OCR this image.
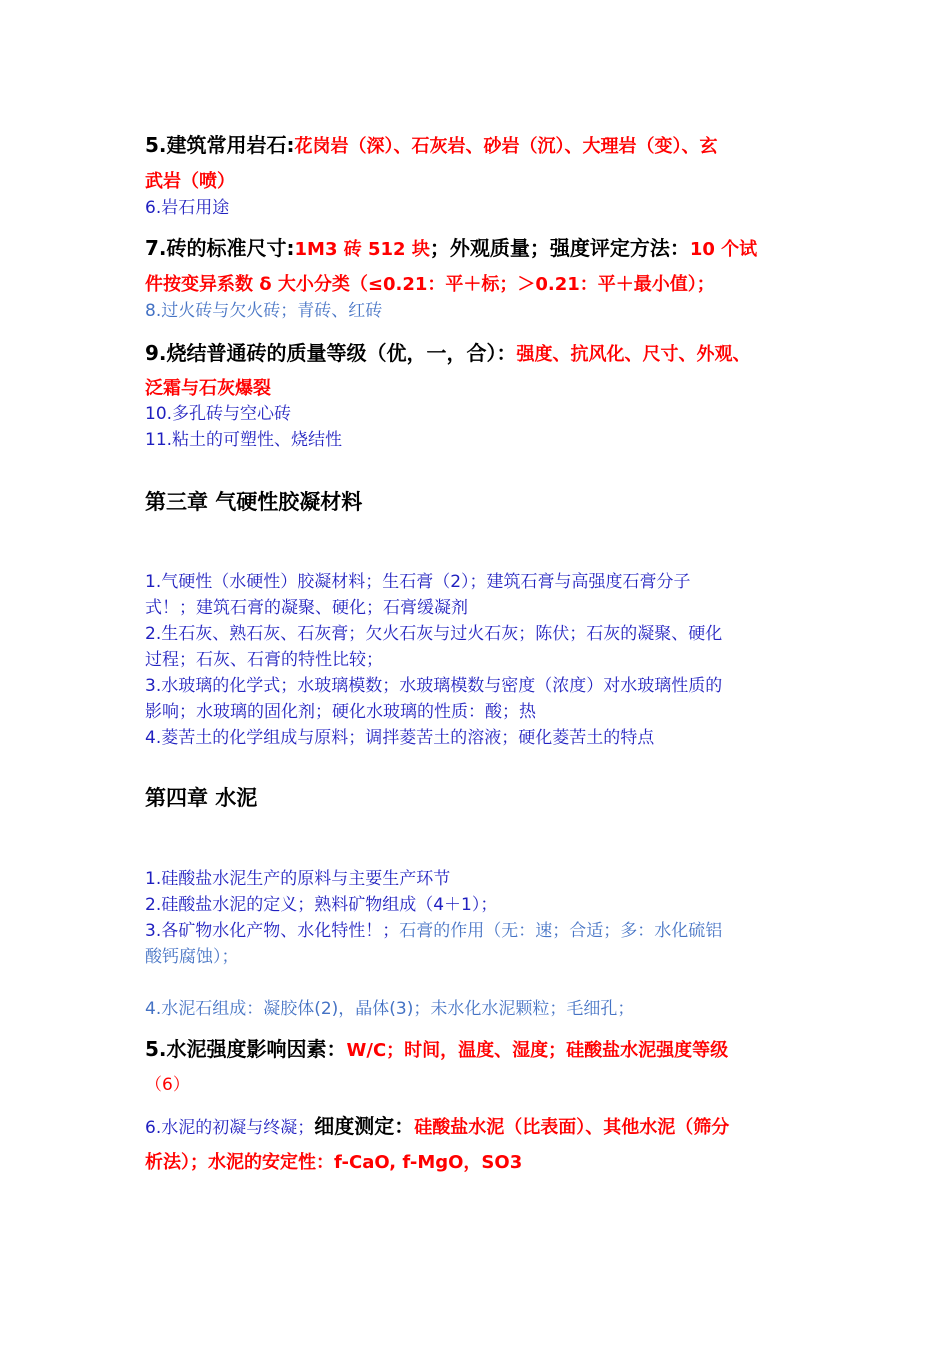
5.建筑常用岩石:花岗岩（深）、石灰岩、砂岩（沉）、大理岩（变）、玄
武岩（喷）
6.岩石用途
7.砖的标准尺寸:1M3 砖 512 块；外观质量；强度评定方法：10 个试
件按变异系数 δ 大小分类（≤0.21：平＋标；＞0.21：平＋最小值）；
8.过火砖与欠火砖；青砖、红砖
9.烧结普通砖的质量等级（优，一，合）：强度、抗风化、尺寸、外观、
泛霜与石灰爆裂
10.多孔砖与空心砖
11.粘土的可塑性、烧结性
第三章 气硬性胶凝材料
1.气硬性（水硬性）胶凝材料；生石膏（2）；建筑石膏与高强度石膏分子
式！；建筑石膏的凝聚、硬化；石膏缓凝剂
2.生石灰、熟石灰、石灰膏；欠火石灰与过火石灰；陈伏；石灰的凝聚、硬化
过程；石灰、石膏的特性比较；
3.水玻璃的化学式；水玻璃模数；水玻璃模数与密度（浓度）对水玻璃性质的
影响；水玻璃的固化剂；硬化水玻璃的性质：酸；热
4.菱苦土的化学组成与原料；调拌菱苦土的溶液；硬化菱苦土的特点
第四章 水泥
1.硅酸盐水泥生产的原料与主要生产环节
2.硅酸盐水泥的定义；熟料矿物组成（4＋1）；
3.各矿物水化产物、水化特性！；石膏的作用（无：速；合适；多：水化硫铝
酸钙腐蚀）；
4.水泥石组成：凝胶体(2)，晶体(3)；未水化水泥颗粒；毛细孔；
5.水泥强度影响因素：W/C；时间，温度、湿度；硅酸盐水泥强度等级
（6）
6.水泥的初凝与终凝；细度测定：硅酸盐水泥（比表面）、其他水泥（筛分
析法）；水泥的安定性：f-CaO, f-MgO，SO3
